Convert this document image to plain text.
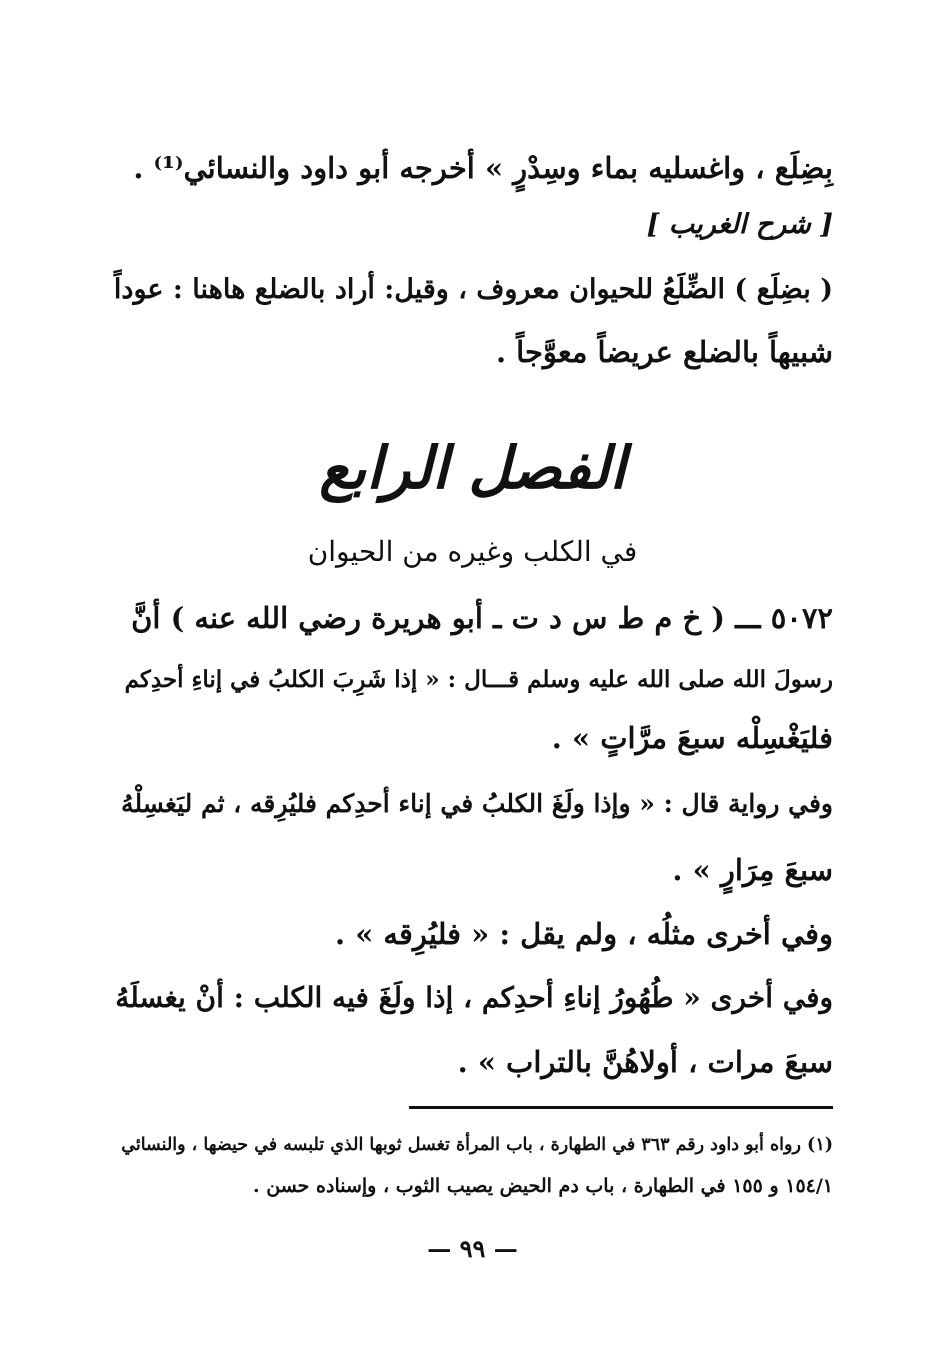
بِضِلَع ، واغسليه بماء وسِدْرٍ » أخرجه أبو داود والنسائي⁽¹⁾ .
[ شرح الغريب ]
( بضِلَع ) الضِّلَعُ للحيوان معروف ، وقيل: أراد بالضلع هاهنا : عوداً
شبيهاً بالضلع عريضاً معوَّجاً .
الفصل الرابع
في الكلب وغيره من الحيوان
٥٠٧٢ ـــ ( خ م ط س د ت ـ أبو هريرة رضي الله عنه ) أنَّ
رسولَ الله صلى الله عليه وسلم قـــال : « إذا شَرِبَ الكلبُ في إناءِ أحدِكم
فليَغْسِلْه سبعَ مرَّاتٍ » .
وفي رواية قال : « وإذا ولَغَ الكلبُ في إناء أحدِكم فليُرِقه ، ثم ليَغسِلْهُ
سبعَ مِرَارٍ » .
وفي أخرى مثلُه ، ولم يقل : « فليُرِقه » .
وفي أخرى « طُهُورُ إناءِ أحدِكم ، إذا ولَغَ فيه الكلب : أنْ يغسلَهُ
سبعَ مرات ، أولاهُنَّ بالتراب » .
(١) رواه أبو داود رقم ٣٦٣ في الطهارة ، باب المرأة تغسل ثوبها الذي تلبسه في حيضها ، والنسائي
١٥٤/١ و ١٥٥ في الطهارة ، باب دم الحيض يصيب الثوب ، وإسناده حسن .
— ٩٩ —
